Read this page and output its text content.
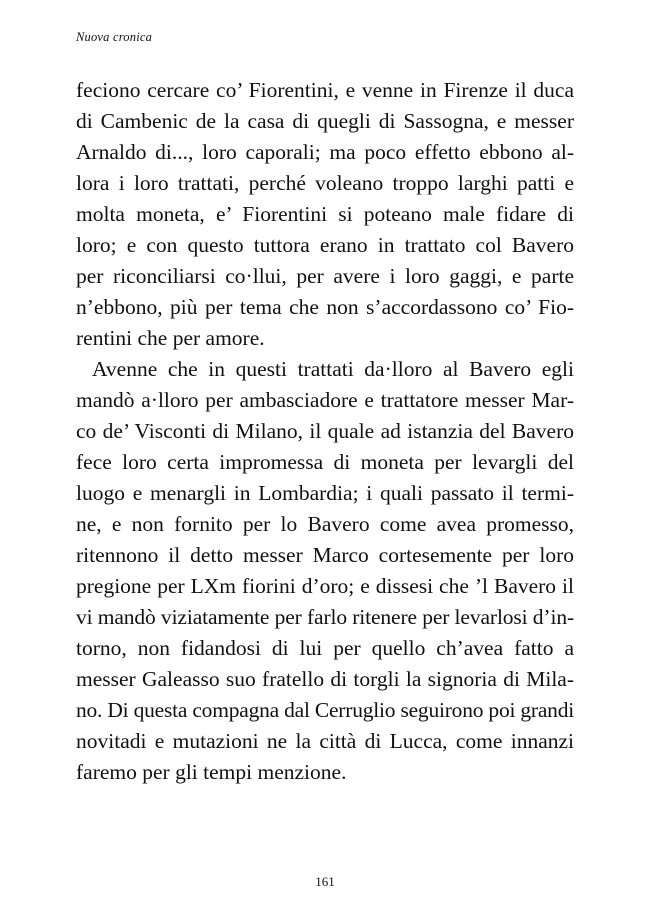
Nuova cronica
feciono cercare co’ Fiorentini, e venne in Firenze il duca
di Cambenic de la casa di quegli di Sassogna, e messer
Arnaldo di..., loro caporali; ma poco effetto ebbono al-
lora i loro trattati, perché voleano troppo larghi patti e
molta moneta, e’ Fiorentini si poteano male fidare di
loro; e con questo tuttora erano in trattato col Bavero
per riconciliarsi co·llui, per avere i loro gaggi, e parte
n’ebbono, più per tema che non s’accordassono co’ Fio-
rentini che per amore.
Avenne che in questi trattati da·lloro al Bavero egli
mandò a·lloro per ambasciadore e trattatore messer Mar-
co de’ Visconti di Milano, il quale ad istanzia del Bavero
fece loro certa impromessa di moneta per levargli del
luogo e menargli in Lombardia; i quali passato il termi-
ne, e non fornito per lo Bavero come avea promesso,
ritennono il detto messer Marco cortesemente per loro
pregione per LXm fiorini d’oro; e dissesi che ’l Bavero il
vi mandò viziatamente per farlo ritenere per levarlosi d’in-
torno, non fidandosi di lui per quello ch’avea fatto a
messer Galeasso suo fratello di torgli la signoria di Mila-
no. Di questa compagna dal Cerruglio seguirono poi grandi
novitadi e mutazioni ne la città di Lucca, come innanzi
faremo per gli tempi menzione.
161
